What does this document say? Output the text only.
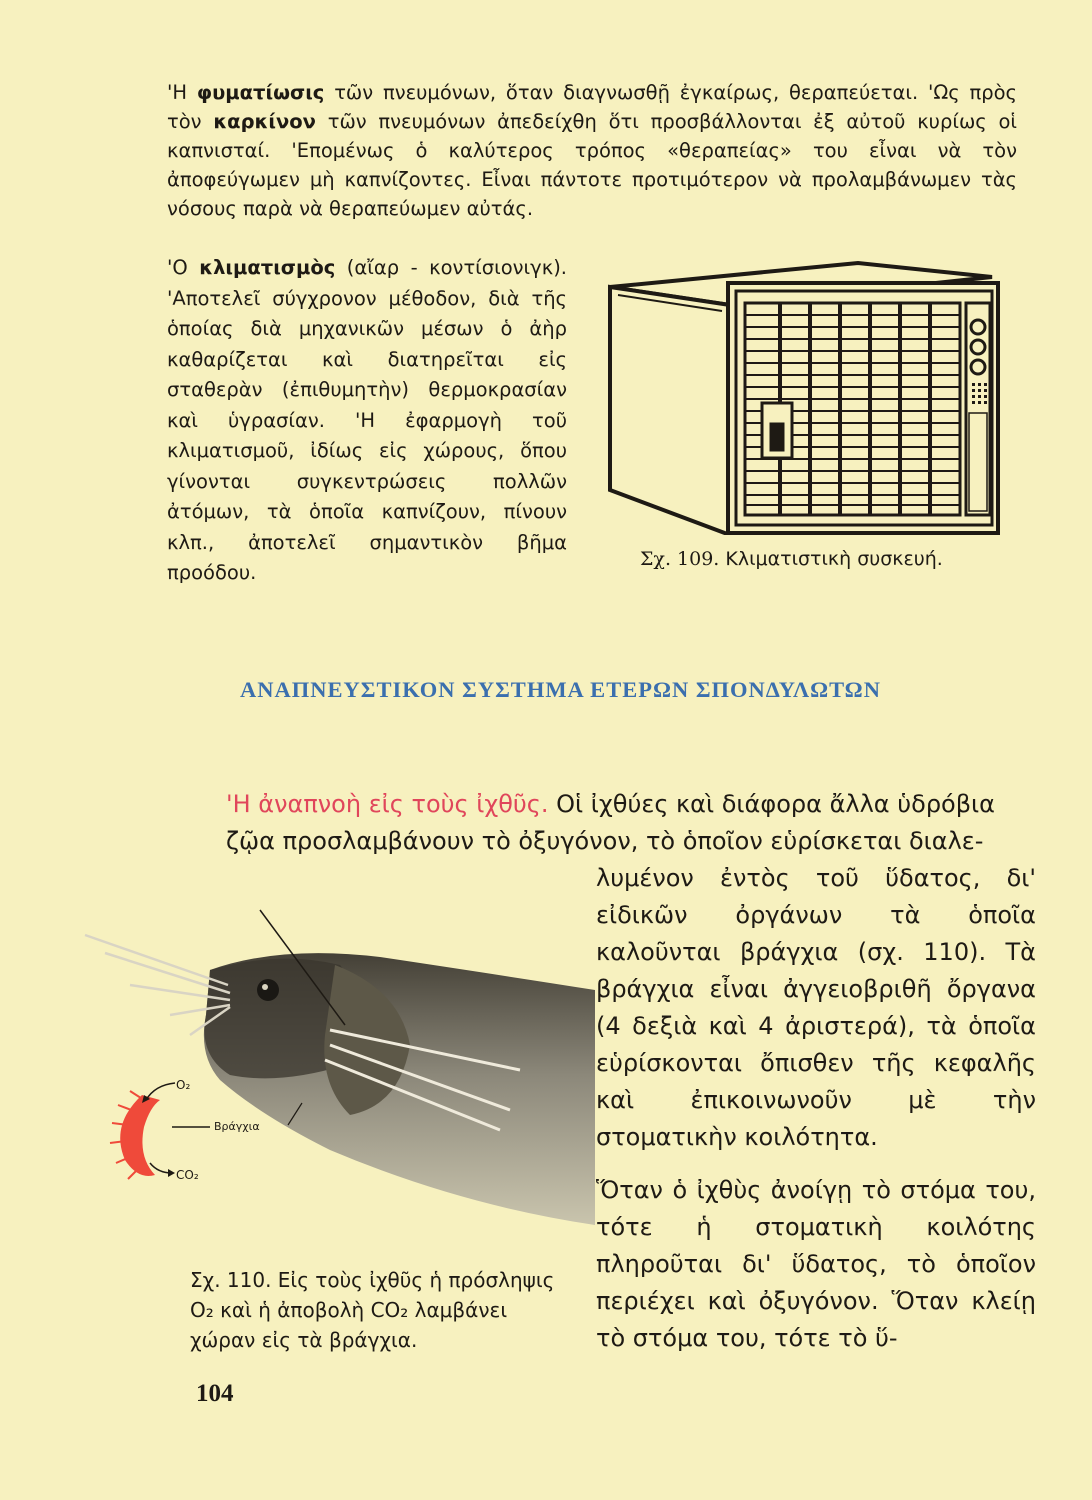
'Η φυματίωσις τῶν πνευμόνων, ὅταν διαγνωσθῇ ἐγκαίρως, θεραπεύεται. 'Ως πρὸς τὸν καρκίνον τῶν πνευμόνων ἀπεδείχθη ὅτι προσβάλλονται ἐξ αὐτοῦ κυρίως οἱ καπνισταί. 'Επομένως ὁ καλύτερος τρόπος «θεραπείας» του εἶναι νὰ τὸν ἀποφεύγωμεν μὴ καπνίζοντες. Εἶναι πάντοτε προτιμότερον νὰ προλαμβάνωμεν τὰς νόσους παρὰ νὰ θεραπεύωμεν αὐτάς.

'Ο κλιματισμὸς (αἴαρ - κοντίσιονιγκ). 'Αποτελεῖ σύγχρονον μέθοδον, διὰ τῆς ὁποίας διὰ μηχανικῶν μέσων ὁ ἀὴρ καθαρίζεται καὶ διατηρεῖται εἰς σταθερὰν (ἐπιθυμητὴν) θερμοκρασίαν καὶ ὑγρασίαν. 'Η ἐφαρμογὴ τοῦ κλιματισμοῦ, ἰδίως εἰς χώρους, ὅπου γίνονται συγκεντρώσεις πολλῶν ἀτόμων, τὰ ὁποῖα καπνίζουν, πίνουν κλπ., ἀποτελεῖ σημαντικὸν βῆμα προόδου.

Σχ. 109. Κλιματιστικὴ συσκευή.
ΑΝΑΠΝΕΥΣΤΙΚΟΝ ΣΥΣΤΗΜΑ ΕΤΕΡΩΝ ΣΠΟΝΔΥΛΩΤΩΝ

'Η ἀναπνοὴ εἰς τοὺς ἰχθῦς. Οἱ ἰχθύες καὶ διάφορα ἄλλα ὑδρόβια ζῷα προσλαμβάνουν τὸ ὀξυγόνον, τὸ ὁποῖον εὑρίσκεται διαλε-

λυμένον ἐντὸς τοῦ ὕδατος, δι' εἰδικῶν ὀργάνων τὰ ὁποῖα καλοῦνται βράγχια (σχ. 110). Τὰ βράγχια εἶναι ἀγγειοβριθῆ ὄργανα (4 δεξιὰ καὶ 4 ἀριστερά), τὰ ὁποῖα εὑρίσκονται ὄπισθεν τῆς κεφαλῆς καὶ ἐπικοινωνοῦν μὲ τὴν στοματικὴν κοιλότητα.

O₂
Βράγχια
CO₂

Σχ. 110. Εἰς τοὺς ἰχθῦς ἡ πρόσληψις O₂ καὶ ἡ ἀποβολὴ CO₂ λαμβάνει χώραν εἰς τὰ βράγχια.

Ὅταν ὁ ἰχθὺς ἀνοίγῃ τὸ στόμα του, τότε ἡ στοματικὴ κοιλότης πληροῦται δι' ὕδατος, τὸ ὁποῖον περιέχει καὶ ὀξυγόνον. Ὅταν κλείῃ τὸ στόμα του, τότε τὸ ὕ-

104
